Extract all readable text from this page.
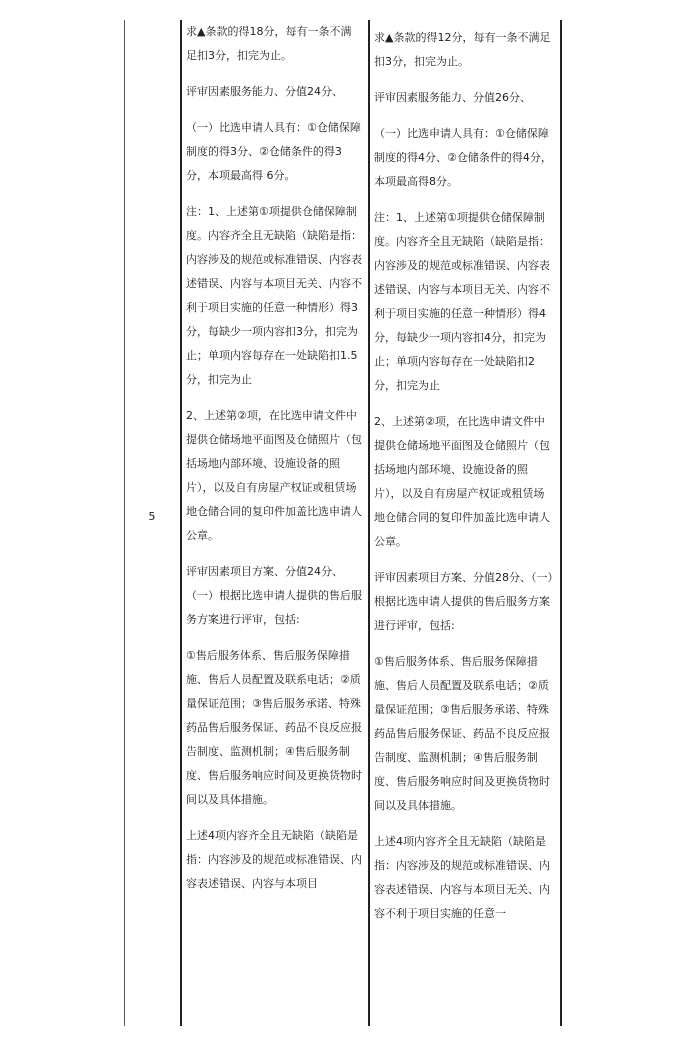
5

求▲条款的得18分，每有一条不满足扣3分，扣完为止。

评审因素服务能力、分值24分、

（一）比选申请人具有：①仓储保障制度的得3分、②仓储条件的得3分，本项最高得 6分。

注：1、上述第①项提供仓储保障制度。内容齐全且无缺陷（缺陷是指：内容涉及的规范或标准错误、内容表述错误、内容与本项目无关、内容不利于项目实施的任意一种情形）得3分，每缺少一项内容扣3分，扣完为止；单项内容每存在一处缺陷扣1.5分，扣完为止

2、上述第②项，在比选申请文件中提供仓储场地平面图及仓储照片（包括场地内部环境、设施设备的照片），以及自有房屋产权证或租赁场地仓储合同的复印件加盖比选申请人公章。

评审因素项目方案、分值24分、（一）根据比选申请人提供的售后服务方案进行评审，包括:

①售后服务体系、售后服务保障措施、售后人员配置及联系电话；②质量保证范围；③售后服务承诺、特殊药品售后服务保证、药品不良反应报告制度、监测机制；④售后服务制度、售后服务响应时间及更换货物时间以及具体措施。

上述4项内容齐全且无缺陷（缺陷是指：内容涉及的规范或标准错误、内容表述错误、内容与本项目

求▲条款的得12分，每有一条不满足扣3分，扣完为止。

评审因素服务能力、分值26分、

（一）比选申请人具有：①仓储保障制度的得4分、②仓储条件的得4分，本项最高得8分。

注：1、上述第①项提供仓储保障制度。内容齐全且无缺陷（缺陷是指：内容涉及的规范或标准错误、内容表述错误、内容与本项目无关、内容不利于项目实施的任意一种情形）得4分，每缺少一项内容扣4分，扣完为止；单项内容每存在一处缺陷扣2分，扣完为止

2、上述第②项，在比选申请文件中提供仓储场地平面图及仓储照片（包括场地内部环境、设施设备的照片），以及自有房屋产权证或租赁场地仓储合同的复印件加盖比选申请人公章。

评审因素项目方案、分值28分、（一）根据比选申请人提供的售后服务方案进行评审，包括:

①售后服务体系、售后服务保障措施、售后人员配置及联系电话；②质量保证范围；③售后服务承诺、特殊药品售后服务保证、药品不良反应报告制度、监测机制；④售后服务制度、售后服务响应时间及更换货物时间以及具体措施。

上述4项内容齐全且无缺陷（缺陷是指：内容涉及的规范或标准错误、内容表述错误、内容与本项目无关、内容不利于项目实施的任意一
